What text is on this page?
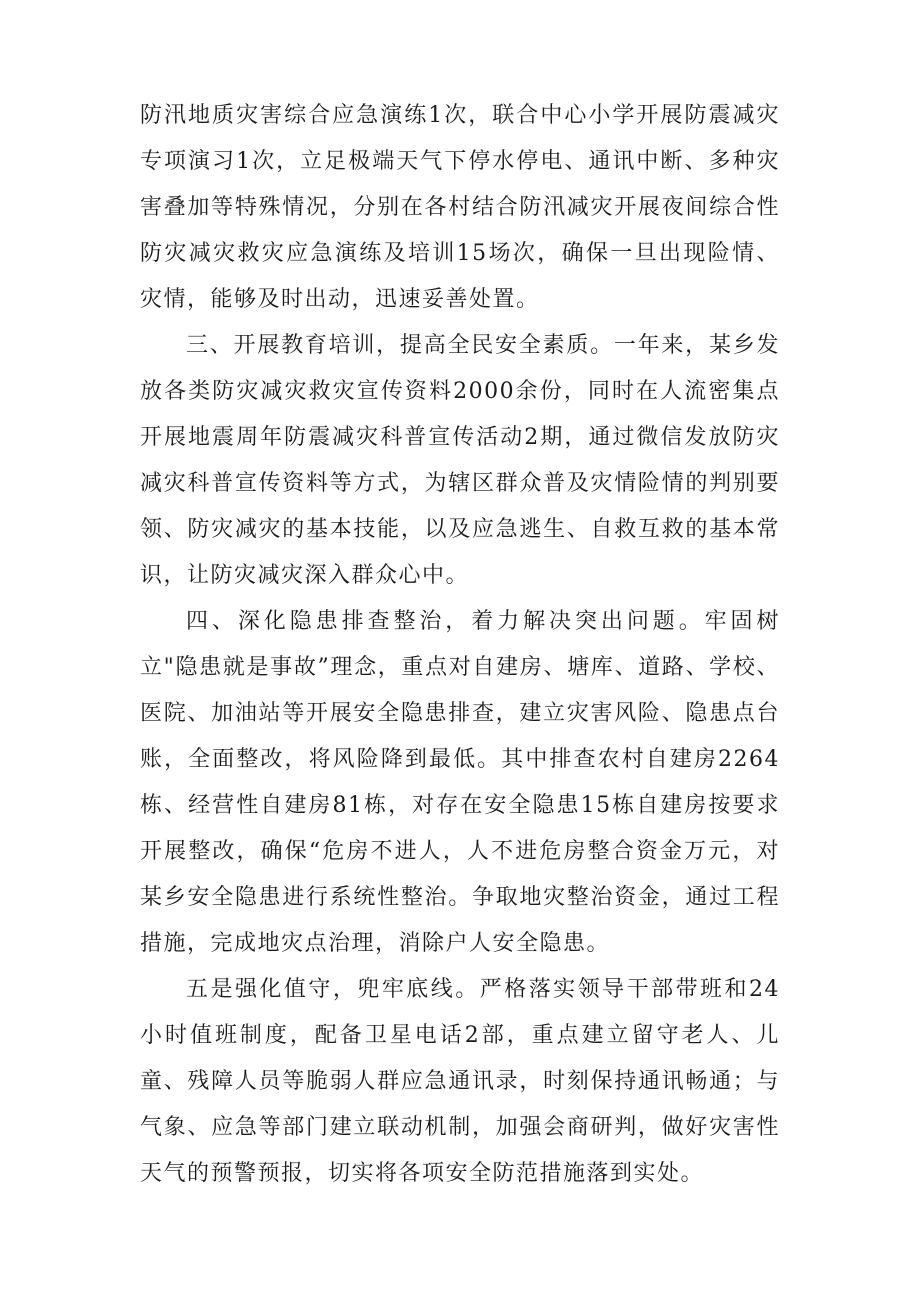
防汛地质灾害综合应急演练1次，联合中心小学开展防震减灾专项演习1次，立足极端天气下停水停电、通讯中断、多种灾害叠加等特殊情况，分别在各村结合防汛减灾开展夜间综合性防灾减灾救灾应急演练及培训15场次，确保一旦出现险情、灾情，能够及时出动，迅速妥善处置。

三、开展教育培训，提高全民安全素质。一年来，某乡发放各类防灾减灾救灾宣传资料2000余份，同时在人流密集点开展地震周年防震减灾科普宣传活动2期，通过微信发放防灾减灾科普宣传资料等方式，为辖区群众普及灾情险情的判别要领、防灾减灾的基本技能，以及应急逃生、自救互救的基本常识，让防灾减灾深入群众心中。

四、深化隐患排查整治，着力解决突出问题。牢固树立"隐患就是事故”理念，重点对自建房、塘库、道路、学校、医院、加油站等开展安全隐患排查，建立灾害风险、隐患点台账，全面整改，将风险降到最低。其中排查农村自建房2264栋、经营性自建房81栋，对存在安全隐患15栋自建房按要求开展整改，确保“危房不进人，人不进危房整合资金万元，对某乡安全隐患进行系统性整治。争取地灾整治资金，通过工程措施，完成地灾点治理，消除户人安全隐患。

五是强化值守，兜牢底线。严格落实领导干部带班和24小时值班制度，配备卫星电话2部，重点建立留守老人、儿童、残障人员等脆弱人群应急通讯录，时刻保持通讯畅通；与气象、应急等部门建立联动机制，加强会商研判，做好灾害性天气的预警预报，切实将各项安全防范措施落到实处。
